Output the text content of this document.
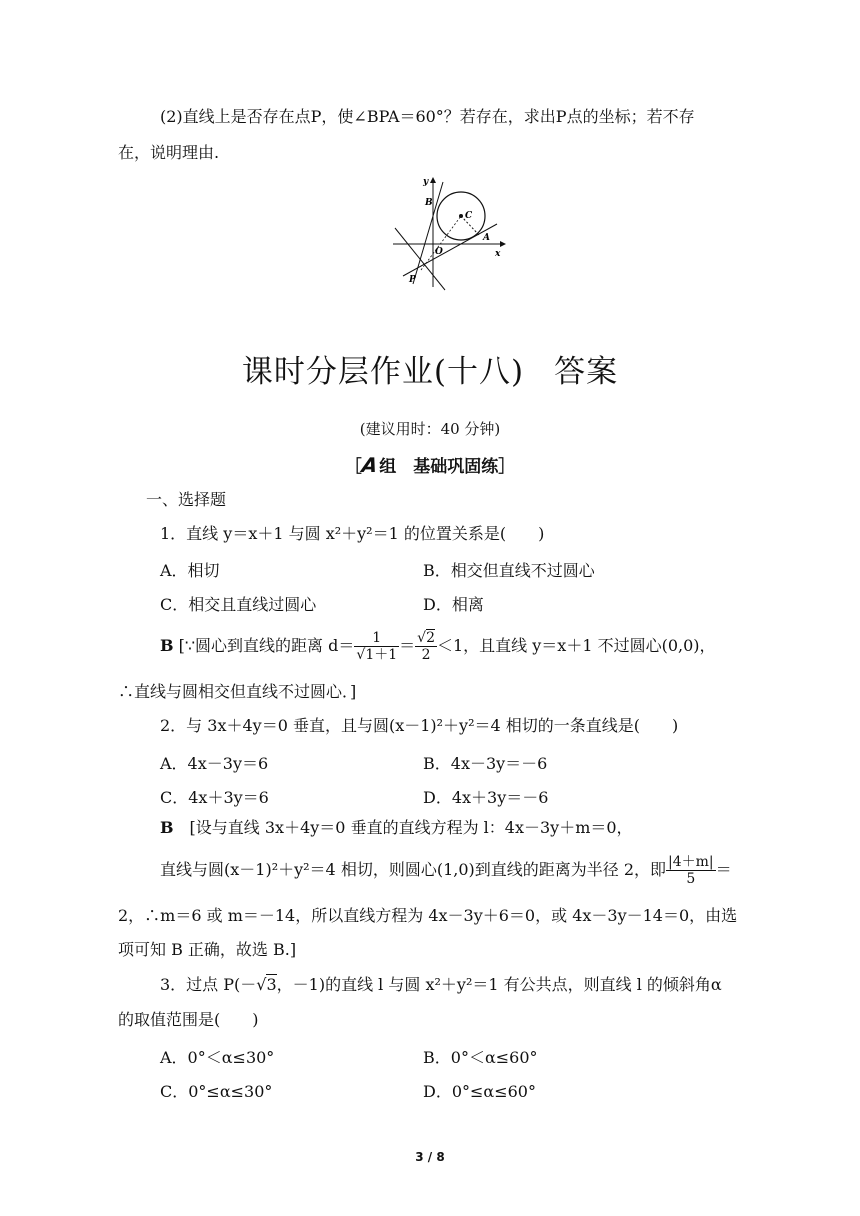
(2)直线上是否存在点P，使∠BPA＝60°？若存在，求出P点的坐标；若不存
在，说明理由.
y
B
C
O
A
x
P
课时分层作业(十八) 答案
(建议用时：40 分钟)
［A组　基础巩固练］
一、选择题
1．直线 y＝x＋1 与圆 x²＋y²＝1 的位置关系是(　　)
A．相切	B．相交但直线不过圆心
C．相交且直线过圆心	D．相离
B [∵圆心到直线的距离 $d= \frac{1}{√1+1} = \frac{√2}{2} <1$，且直线 y＝x＋1 不过圆心(0,0)，
∴直线与圆相交但直线不过圆心．]
2．与 3x＋4y＝0 垂直，且与圆(x－1)²＋y²＝4 相切的一条直线是(　　)
A．4x－3y＝6	B．4x－3y＝－6
C．4x＋3y＝6	D．4x＋3y＝－6
B　 [设与直线 3x＋4y＝0 垂直的直线方程为 l：4x－3y＋m＝0，
直线与圆(x－1)²＋y²＝4 相切，则圆心(1,0)到直线的距离为半径 2，即 $\frac{|4+m|}{5}$ ＝
2，∴m＝6 或 m＝－14，所以直线方程为 4x－3y＋6＝0，或 4x－3y－14＝0，由选
项可知 B 正确，故选 B.]
3．过点 P(－√3，－1)的直线 l 与圆 x²＋y²＝1 有公共点，则直线 l 的倾斜角α
的取值范围是(　　)
A．0°＜α≤30°	B．0°＜α≤60°
C．0°≤α≤30°	D．0°≤α≤60°
3 / 8
